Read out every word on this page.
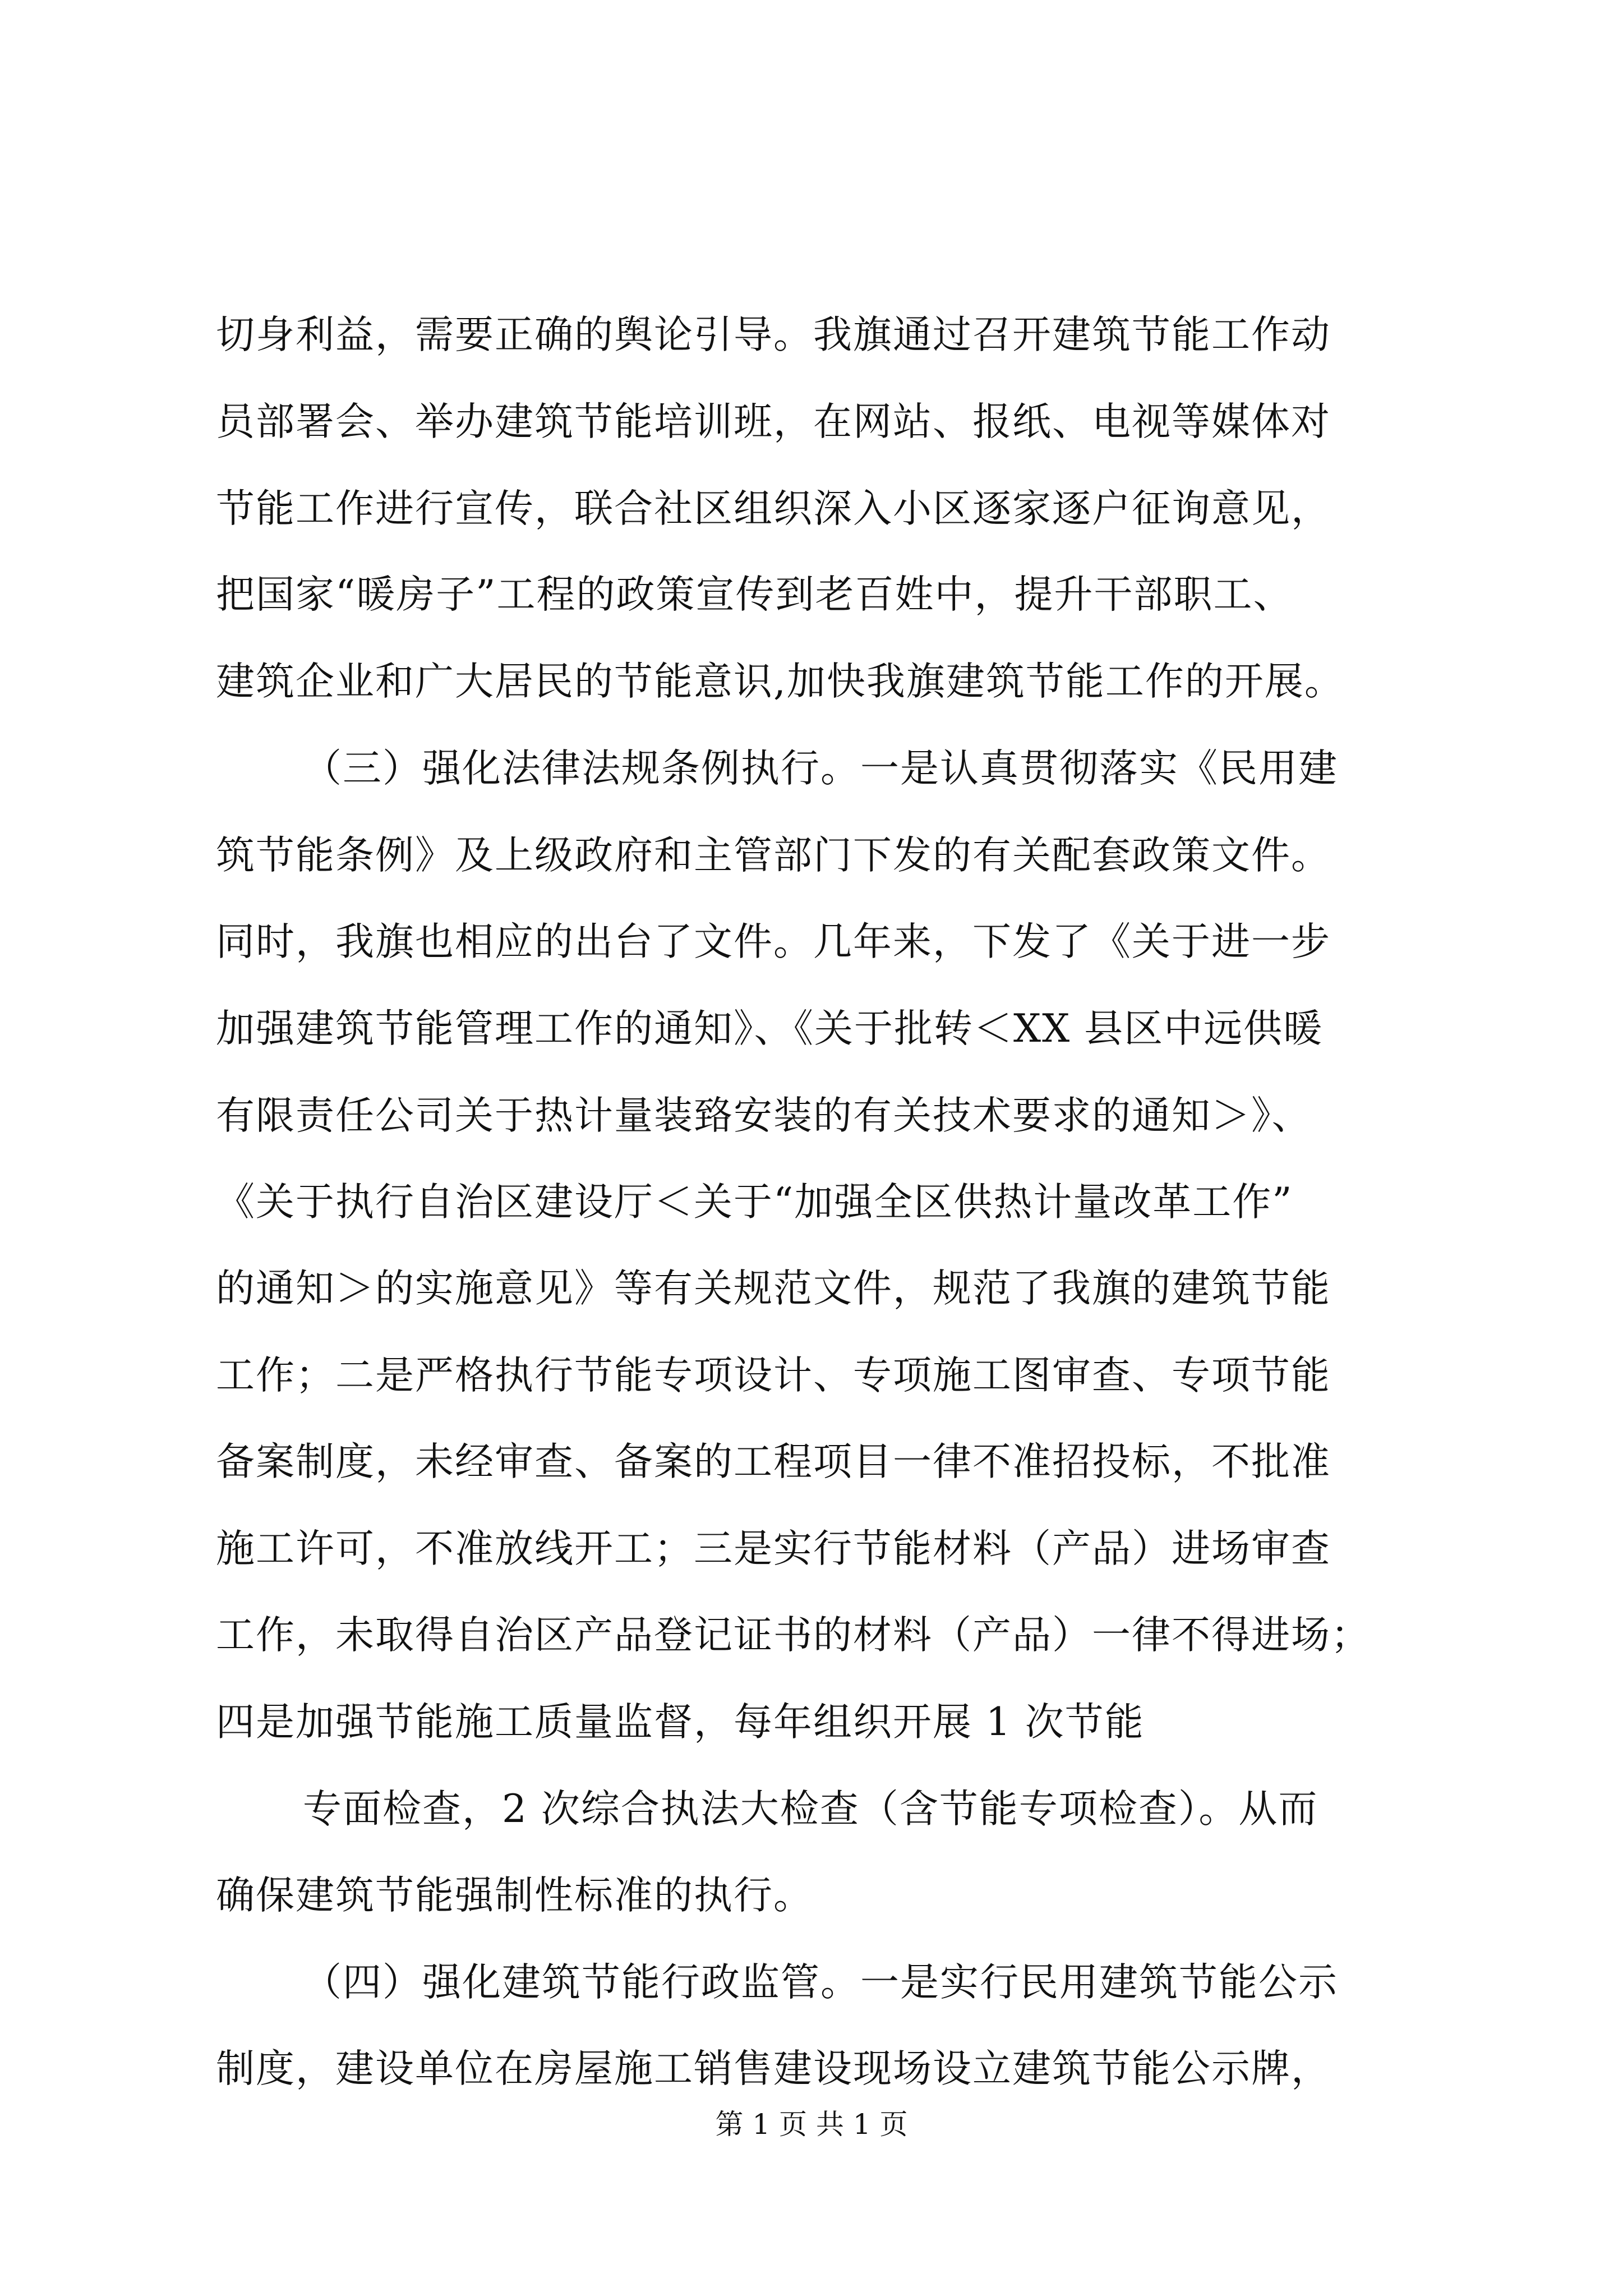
切身利益，需要正确的舆论引导。我旗通过召开建筑节能工作动
员部署会、举办建筑节能培训班，在网站、报纸、电视等媒体对
节能工作进行宣传，联合社区组织深入小区逐家逐户征询意见，
把国家“暖房子”工程的政策宣传到老百姓中，提升干部职工、
建筑企业和广大居民的节能意识,加快我旗建筑节能工作的开展。
（三）强化法律法规条例执行。一是认真贯彻落实《民用建
筑节能条例》及上级政府和主管部门下发的有关配套政策文件。
同时，我旗也相应的出台了文件。几年来，下发了《关于进一步
加强建筑节能管理工作的通知》、《关于批转＜XX 县区中远供暖
有限责任公司关于热计量装臵安装的有关技术要求的通知＞》、
《关于执行自治区建设厅＜关于“加强全区供热计量改革工作”
的通知＞的实施意见》等有关规范文件，规范了我旗的建筑节能
工作；二是严格执行节能专项设计、专项施工图审查、专项节能
备案制度，未经审查、备案的工程项目一律不准招投标，不批准
施工许可，不准放线开工；三是实行节能材料（产品）进场审查
工作，未取得自治区产品登记证书的材料（产品）一律不得进场；
四是加强节能施工质量监督，每年组织开展 1 次节能
专面检查，2 次综合执法大检查（含节能专项检查）。从而
确保建筑节能强制性标准的执行。
（四）强化建筑节能行政监管。一是实行民用建筑节能公示
制度，建设单位在房屋施工销售建设现场设立建筑节能公示牌，
第 1 页 共 1 页
